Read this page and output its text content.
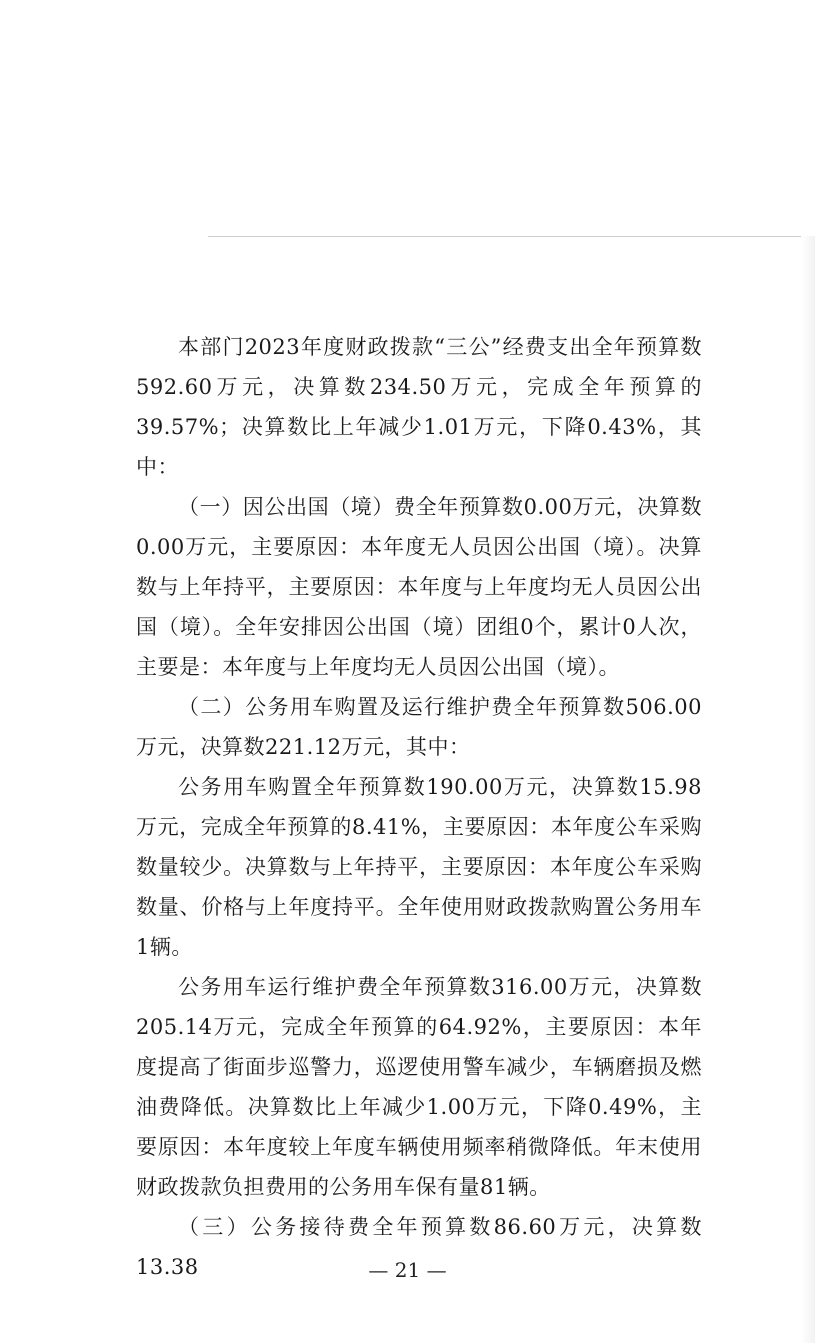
本部门2023年度财政拨款“三公”经费支出全年预算数592.60万元，决算数234.50万元，完成全年预算的39.57%；决算数比上年减少1.01万元，下降0.43%，其中：

（一）因公出国（境）费全年预算数0.00万元，决算数0.00万元，主要原因：本年度无人员因公出国（境）。决算数与上年持平，主要原因：本年度与上年度均无人员因公出国（境）。全年安排因公出国（境）团组0个，累计0人次，主要是：本年度与上年度均无人员因公出国（境）。

（二）公务用车购置及运行维护费全年预算数506.00万元，决算数221.12万元，其中：

公务用车购置全年预算数190.00万元，决算数15.98万元，完成全年预算的8.41%，主要原因：本年度公车采购数量较少。决算数与上年持平，主要原因：本年度公车采购数量、价格与上年度持平。全年使用财政拨款购置公务用车1辆。

公务用车运行维护费全年预算数316.00万元，决算数205.14万元，完成全年预算的64.92%，主要原因：本年度提高了街面步巡警力，巡逻使用警车减少，车辆磨损及燃油费降低。决算数比上年减少1.00万元，下降0.49%，主要原因：本年度较上年度车辆使用频率稍微降低。年末使用财政拨款负担费用的公务用车保有量81辆。

（三）公务接待费全年预算数86.60万元，决算数13.38	— 21 —
